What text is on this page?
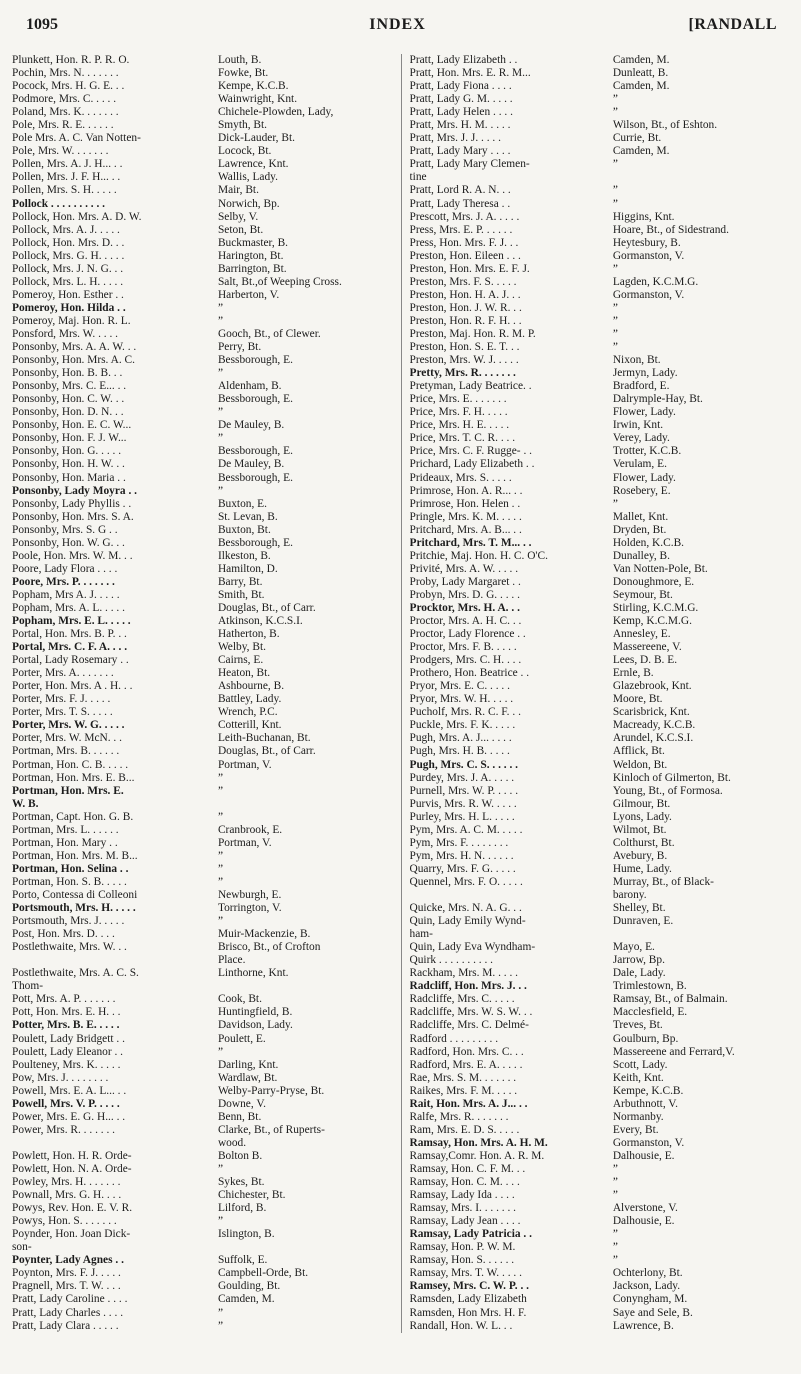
1095	INDEX	[RANDALL
Plunkett, Hon. R. P. R. O.	Louth, B.
Pochin, Mrs. N. . . . . . .	Fowke, Bt.
Pocock, Mrs. H. G. E. . .	Kempe, K.C.B.
Podmore, Mrs. C. . . . .	Wainwright, Knt.
Poland, Mrs. K. . . . . . .	Chichele-Plowden, Lady,
Pole, Mrs. R. E. . . . . .	Smyth, Bt.
Pole Mrs. A. C. Van Notten-	Dick-Lauder, Bt.
Pole, Mrs. W. . . . . . .	Locock, Bt.
Pollen, Mrs. A. J. H... . .	Lawrence, Knt.
Pollen, Mrs. J. F. H... . .	Wallis, Lady.
Pollen, Mrs. S. H. . . . .	Mair, Bt.
Pollock . . . . . . . . . .	Norwich, Bp.
Pollock, Hon. Mrs. A. D. W.	Selby, V.
Pollock, Mrs. A. J. . . . .	Seton, Bt.
Pollock, Hon. Mrs. D. . .	Buckmaster, B.
Pollock, Mrs. G. H. . . . .	Harington, Bt.
Pollock, Mrs. J. N. G. . .	Barrington, Bt.
Pollock, Mrs. L. H. . . . .	Salt, Bt.,of Weeping Cross.
Pomeroy, Hon. Esther . .	Harberton, V.
Pomeroy, Hon. Hilda . .	”
Pomeroy, Maj. Hon. R. L.	”
Ponsford, Mrs. W. . . . .	Gooch, Bt., of Clewer.
Ponsonby, Mrs. A. A. W. . .	Perry, Bt.
Ponsonby, Hon. Mrs. A. C.	Bessborough, E.
Ponsonby, Hon. B. B. . .	”
Ponsonby, Mrs. C. E... . .	Aldenham, B.
Ponsonby, Hon. C. W. . .	Bessborough, E.
Ponsonby, Hon. D. N. . .	”
Ponsonby, Hon. E. C. W...	De Mauley, B.
Ponsonby, Hon. F. J. W...	”
Ponsonby, Hon. G. . . . .	Bessborough, E.
Ponsonby, Hon. H. W. . .	De Mauley, B.
Ponsonby, Hon. Maria . .	Bessborough, E.
Ponsonby, Lady Moyra . .	”
Ponsonby, Lady Phyllis . .	Buxton, E.
Ponsonby, Hon. Mrs. S. A.	St. Levan, B.
Ponsonby, Mrs. S. G . .	Buxton, Bt.
Ponsonby, Hon. W. G. . .	Bessborough, E.
Poole, Hon. Mrs. W. M. . .	Ilkeston, B.
Poore, Lady Flora . . . .	Hamilton, D.
Poore, Mrs. P. . . . . . .	Barry, Bt.
Popham, Mrs A. J. . . . .	Smith, Bt.
Popham, Mrs. A. L. . . . .	Douglas, Bt., of Carr.
Popham, Mrs. E. L. . . . .	Atkinson, K.C.S.I.
Portal, Hon. Mrs. B. P. . .	Hatherton, B.
Portal, Mrs. C. F. A. . . .	Welby, Bt.
Portal, Lady Rosemary . .	Cairns, E.
Porter, Mrs. A. . . . . . .	Heaton, Bt.
Porter, Hon. Mrs. A . H. . .	Ashbourne, B.
Porter, Mrs. F. J. . . . .	Battley, Lady.
Porter, Mrs. T. S. . . . .	Wrench, P.C.
Porter, Mrs. W. G. . . . .	Cotterill, Knt.
Porter, Mrs. W. McN. . .	Leith-Buchanan, Bt.
Portman, Mrs. B. . . . . .	Douglas, Bt., of Carr.
Portman, Hon. C. B. . . . .	Portman, V.
Portman, Hon. Mrs. E. B...	”
Portman, Hon. Mrs. E.	”
W. B.
Portman, Capt. Hon. G. B.	”
Portman, Mrs. L. . . . . .	Cranbrook, E.
Portman, Hon. Mary . .	Portman, V.
Portman, Hon. Mrs. M. B...	”
Portman, Hon. Selina . .	”
Portman, Hon. S. B. . . . .	”
Porto, Contessa di Colleoni	Newburgh, E.
Portsmouth, Mrs. H. . . . .	Torrington, V.
Portsmouth, Mrs. J. . . . .	”
Post, Hon. Mrs. D. . . .	Muir-Mackenzie, B.
Postlethwaite, Mrs. W. . .	Brisco, Bt., of Crofton
Place.
Postlethwaite, Mrs. A. C. S.	Linthorne, Knt.
Thom-
Pott, Mrs. A. P. . . . . . .	Cook, Bt.
Pott, Hon. Mrs. E. H. . .	Huntingfield, B.
Potter, Mrs. B. E. . . . .	Davidson, Lady.
Poulett, Lady Bridgett . .	Poulett, E.
Poulett, Lady Eleanor . .	”
Poulteney, Mrs. K. . . . .	Darling, Knt.
Pow, Mrs. J. . . . . . . .	Wardlaw, Bt.
Powell, Mrs. E. A. L... . .	Welby-Parry-Pryse, Bt.
Powell, Mrs. V. P. . . . .	Downe, V.
Power, Mrs. E. G. H... . .	Benn, Bt.
Power, Mrs. R. . . . . . .	Clarke, Bt., of Ruperts-
wood.
Powlett, Hon. H. R. Orde-	Bolton B.
Powlett, Hon. N. A. Orde-	”
Powley, Mrs. H. . . . . . .	Sykes, Bt.
Pownall, Mrs. G. H. . . .	Chichester, Bt.
Powys, Rev. Hon. E. V. R.	Lilford, B.
Powys, Hon. S. . . . . . .	”
Poynder, Hon. Joan Dick-	Islington, B.
son-
Poynter, Lady Agnes . .	Suffolk, E.
Poynton, Mrs. F. J. . . . .	Campbell-Orde, Bt.
Pragnell, Mrs. T. W. . . .	Goulding, Bt.
Pratt, Lady Caroline . . . .	Camden, M.
Pratt, Lady Charles . . . .	”
Pratt, Lady Clara . . . . .	”
Pratt, Lady Elizabeth . .	Camden, M.
Pratt, Hon. Mrs. E. R. M...	Dunleatt, B.
Pratt, Lady Fiona . . . .	Camden, M.
Pratt, Lady G. M. . . . .	”
Pratt, Lady Helen . . . .	”
Pratt, Mrs. H. M. . . . .	Wilson, Bt., of Eshton.
Pratt, Mrs. J. J. . . . .	Currie, Bt.
Pratt, Lady Mary . . . .	Camden, M.
Pratt, Lady Mary Clemen-	”
tine
Pratt, Lord R. A. N. . .	”
Pratt, Lady Theresa . .	”
Prescott, Mrs. J. A. . . . .	Higgins, Knt.
Press, Mrs. E. P. . . . . .	Hoare, Bt., of Sidestrand.
Press, Hon. Mrs. F. J. . .	Heytesbury, B.
Preston, Hon. Eileen . . .	Gormanston, V.
Preston, Hon. Mrs. E. F. J.	”
Preston, Mrs. F. S. . . . .	Lagden, K.C.M.G.
Preston, Hon. H. A. J. . .	Gormanston, V.
Preston, Hon. J. W. R. . .	”
Preston, Hon. R. F. H. . .	”
Preston, Maj. Hon. R. M. P.	”
Preston, Hon. S. E. T. . .	”
Preston, Mrs. W. J. . . . .	Nixon, Bt.
Pretty, Mrs. R. . . . . . .	Jermyn, Lady.
Pretyman, Lady Beatrice. .	Bradford, E.
Price, Mrs. E. . . . . . .	Dalrymple-Hay, Bt.
Price, Mrs. F. H. . . . .	Flower, Lady.
Price, Mrs. H. E. . . . .	Irwin, Knt.
Price, Mrs. T. C. R. . . .	Verey, Lady.
Price, Mrs. C. F. Rugge- . .	Trotter, K.C.B.
Prichard, Lady Elizabeth . .	Verulam, E.
Prideaux, Mrs. S. . . . .	Flower, Lady.
Primrose, Hon. A. R... . .	Rosebery, E.
Primrose, Hon. Helen . .	”
Pringle, Mrs. K. M. . . . .	Mallet, Knt.
Pritchard, Mrs. A. B... . .	Dryden, Bt.
Pritchard, Mrs. T. M... . .	Holden, K.C.B.
Pritchie, Maj. Hon. H. C. O'C.	Dunalley, B.
Privité, Mrs. A. W. . . . .	Van Notten-Pole, Bt.
Proby, Lady Margaret . .	Donoughmore, E.
Probyn, Mrs. D. G. . . . .	Seymour, Bt.
Procktor, Mrs. H. A. . .	Stirling, K.C.M.G.
Proctor, Mrs. A. H. C. . .	Kemp, K.C.M.G.
Proctor, Lady Florence . .	Annesley, E.
Proctor, Mrs. F. B. . . . .	Massereene, V.
Prodgers, Mrs. C. H. . . .	Lees, D. B. E.
Prothero, Hon. Beatrice . .	Ernle, B.
Pryor, Mrs. E. C. . . . .	Glazebrook, Knt.
Pryor, Mrs. W. H. . . . .	Moore, Bt.
Pucholf, Mrs. R. C. F. . .	Scarisbrick, Knt.
Puckle, Mrs. F. K. . . . .	Macready, K.C.B.
Pugh, Mrs. A. J... . . . .	Arundel, K.C.S.I.
Pugh, Mrs. H. B. . . . .	Afflick, Bt.
Pugh, Mrs. C. S. . . . . .	Weldon, Bt.
Purdey, Mrs. J. A. . . . .	Kinloch of Gilmerton, Bt.
Purnell, Mrs. W. P. . . . .	Young, Bt., of Formosa.
Purvis, Mrs. R. W. . . . .	Gilmour, Bt.
Purley, Mrs. H. L. . . . .	Lyons, Lady.
Pym, Mrs. A. C. M. . . . .	Wilmot, Bt.
Pym, Mrs. F. . . . . . . .	Colthurst, Bt.
Pym, Mrs. H. N. . . . . .	Avebury, B.
Quarry, Mrs. F. G. . . . .	Hume, Lady.
Quennel, Mrs. F. O. . . . .	Murray, Bt., of Black-
barony.
Quicke, Mrs. N. A. G. . .	Shelley, Bt.
Quin, Lady Emily Wynd-	Dunraven, E.
ham-
Quin, Lady Eva Wyndham-	Mayo, E.
Quirk . . . . . . . . . .	Jarrow, Bp.
Rackham, Mrs. M. . . . .	Dale, Lady.
Radcliff, Hon. Mrs. J. . .	Trimlestown, B.
Radcliffe, Mrs. C. . . . .	Ramsay, Bt., of Balmain.
Radcliffe, Mrs. W. S. W. . .	Macclesfield, E.
Radcliffe, Mrs. C. Delmé-	Treves, Bt.
Radford . . . . . . . . .	Goulburn, Bp.
Radford, Hon. Mrs. C. . .	Massereene and Ferrard,V.
Radford, Mrs. E. A. . . . .	Scott, Lady.
Rae, Mrs. S. M. . . . . . .	Keith, Knt.
Raikes, Mrs. F. M. . . . .	Kempe, K.C.B.
Rait, Hon. Mrs. A. J... . .	Arbuthnott, V.
Ralfe, Mrs. R. . . . . . .	Normanby.
Ram, Mrs. E. D. S. . . . .	Every, Bt.
Ramsay, Hon. Mrs. A. H. M.	Gormanston, V.
Ramsay,Comr. Hon. A. R. M.	Dalhousie, E.
Ramsay, Hon. C. F. M. . .	”
Ramsay, Hon. C. M. . . .	”
Ramsay, Lady Ida . . . .	”
Ramsay, Mrs. I. . . . . . .	Alverstone, V.
Ramsay, Lady Jean . . . .	Dalhousie, E.
Ramsay, Lady Patricia . .	”
Ramsay, Hon. P. W. M.	”
Ramsay, Hon. S. . . . . .	”
Ramsay, Mrs. T. W. . . . .	Ochterlony, Bt.
Ramsey, Mrs. C. W. P. . .	Jackson, Lady.
Ramsden, Lady Elizabeth	Conyngham, M.
Ramsden, Hon Mrs. H. F.	Saye and Sele, B.
Randall, Hon. W. L. . .	Lawrence, B.
